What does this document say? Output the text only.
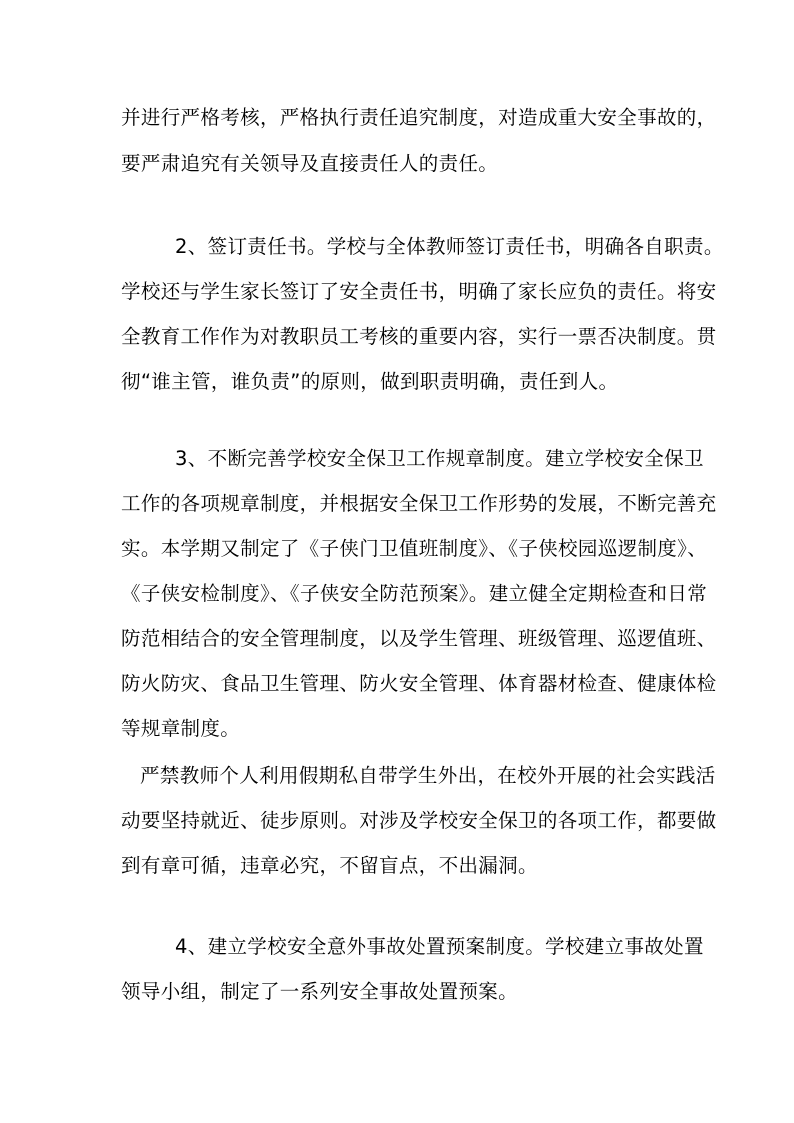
并进行严格考核，严格执行责任追究制度，对造成重大安全事故的，
要严肃追究有关领导及直接责任人的责任。
2、签订责任书。学校与全体教师签订责任书，明确各自职责。
学校还与学生家长签订了安全责任书，明确了家长应负的责任。将安
全教育工作作为对教职员工考核的重要内容，实行一票否决制度。贯
彻“谁主管，谁负责”的原则，做到职责明确，责任到人。
3、不断完善学校安全保卫工作规章制度。建立学校安全保卫
工作的各项规章制度，并根据安全保卫工作形势的发展，不断完善充
实。本学期又制定了《子侠门卫值班制度》、《子侠校园巡逻制度》、
《子侠安检制度》、《子侠安全防范预案》。建立健全定期检查和日常
防范相结合的安全管理制度，以及学生管理、班级管理、巡逻值班、
防火防灾、食品卫生管理、防火安全管理、体育器材检查、健康体检
等规章制度。
严禁教师个人利用假期私自带学生外出，在校外开展的社会实践活
动要坚持就近、徒步原则。对涉及学校安全保卫的各项工作，都要做
到有章可循，违章必究，不留盲点，不出漏洞。
4、建立学校安全意外事故处置预案制度。学校建立事故处置
领导小组，制定了一系列安全事故处置预案。
